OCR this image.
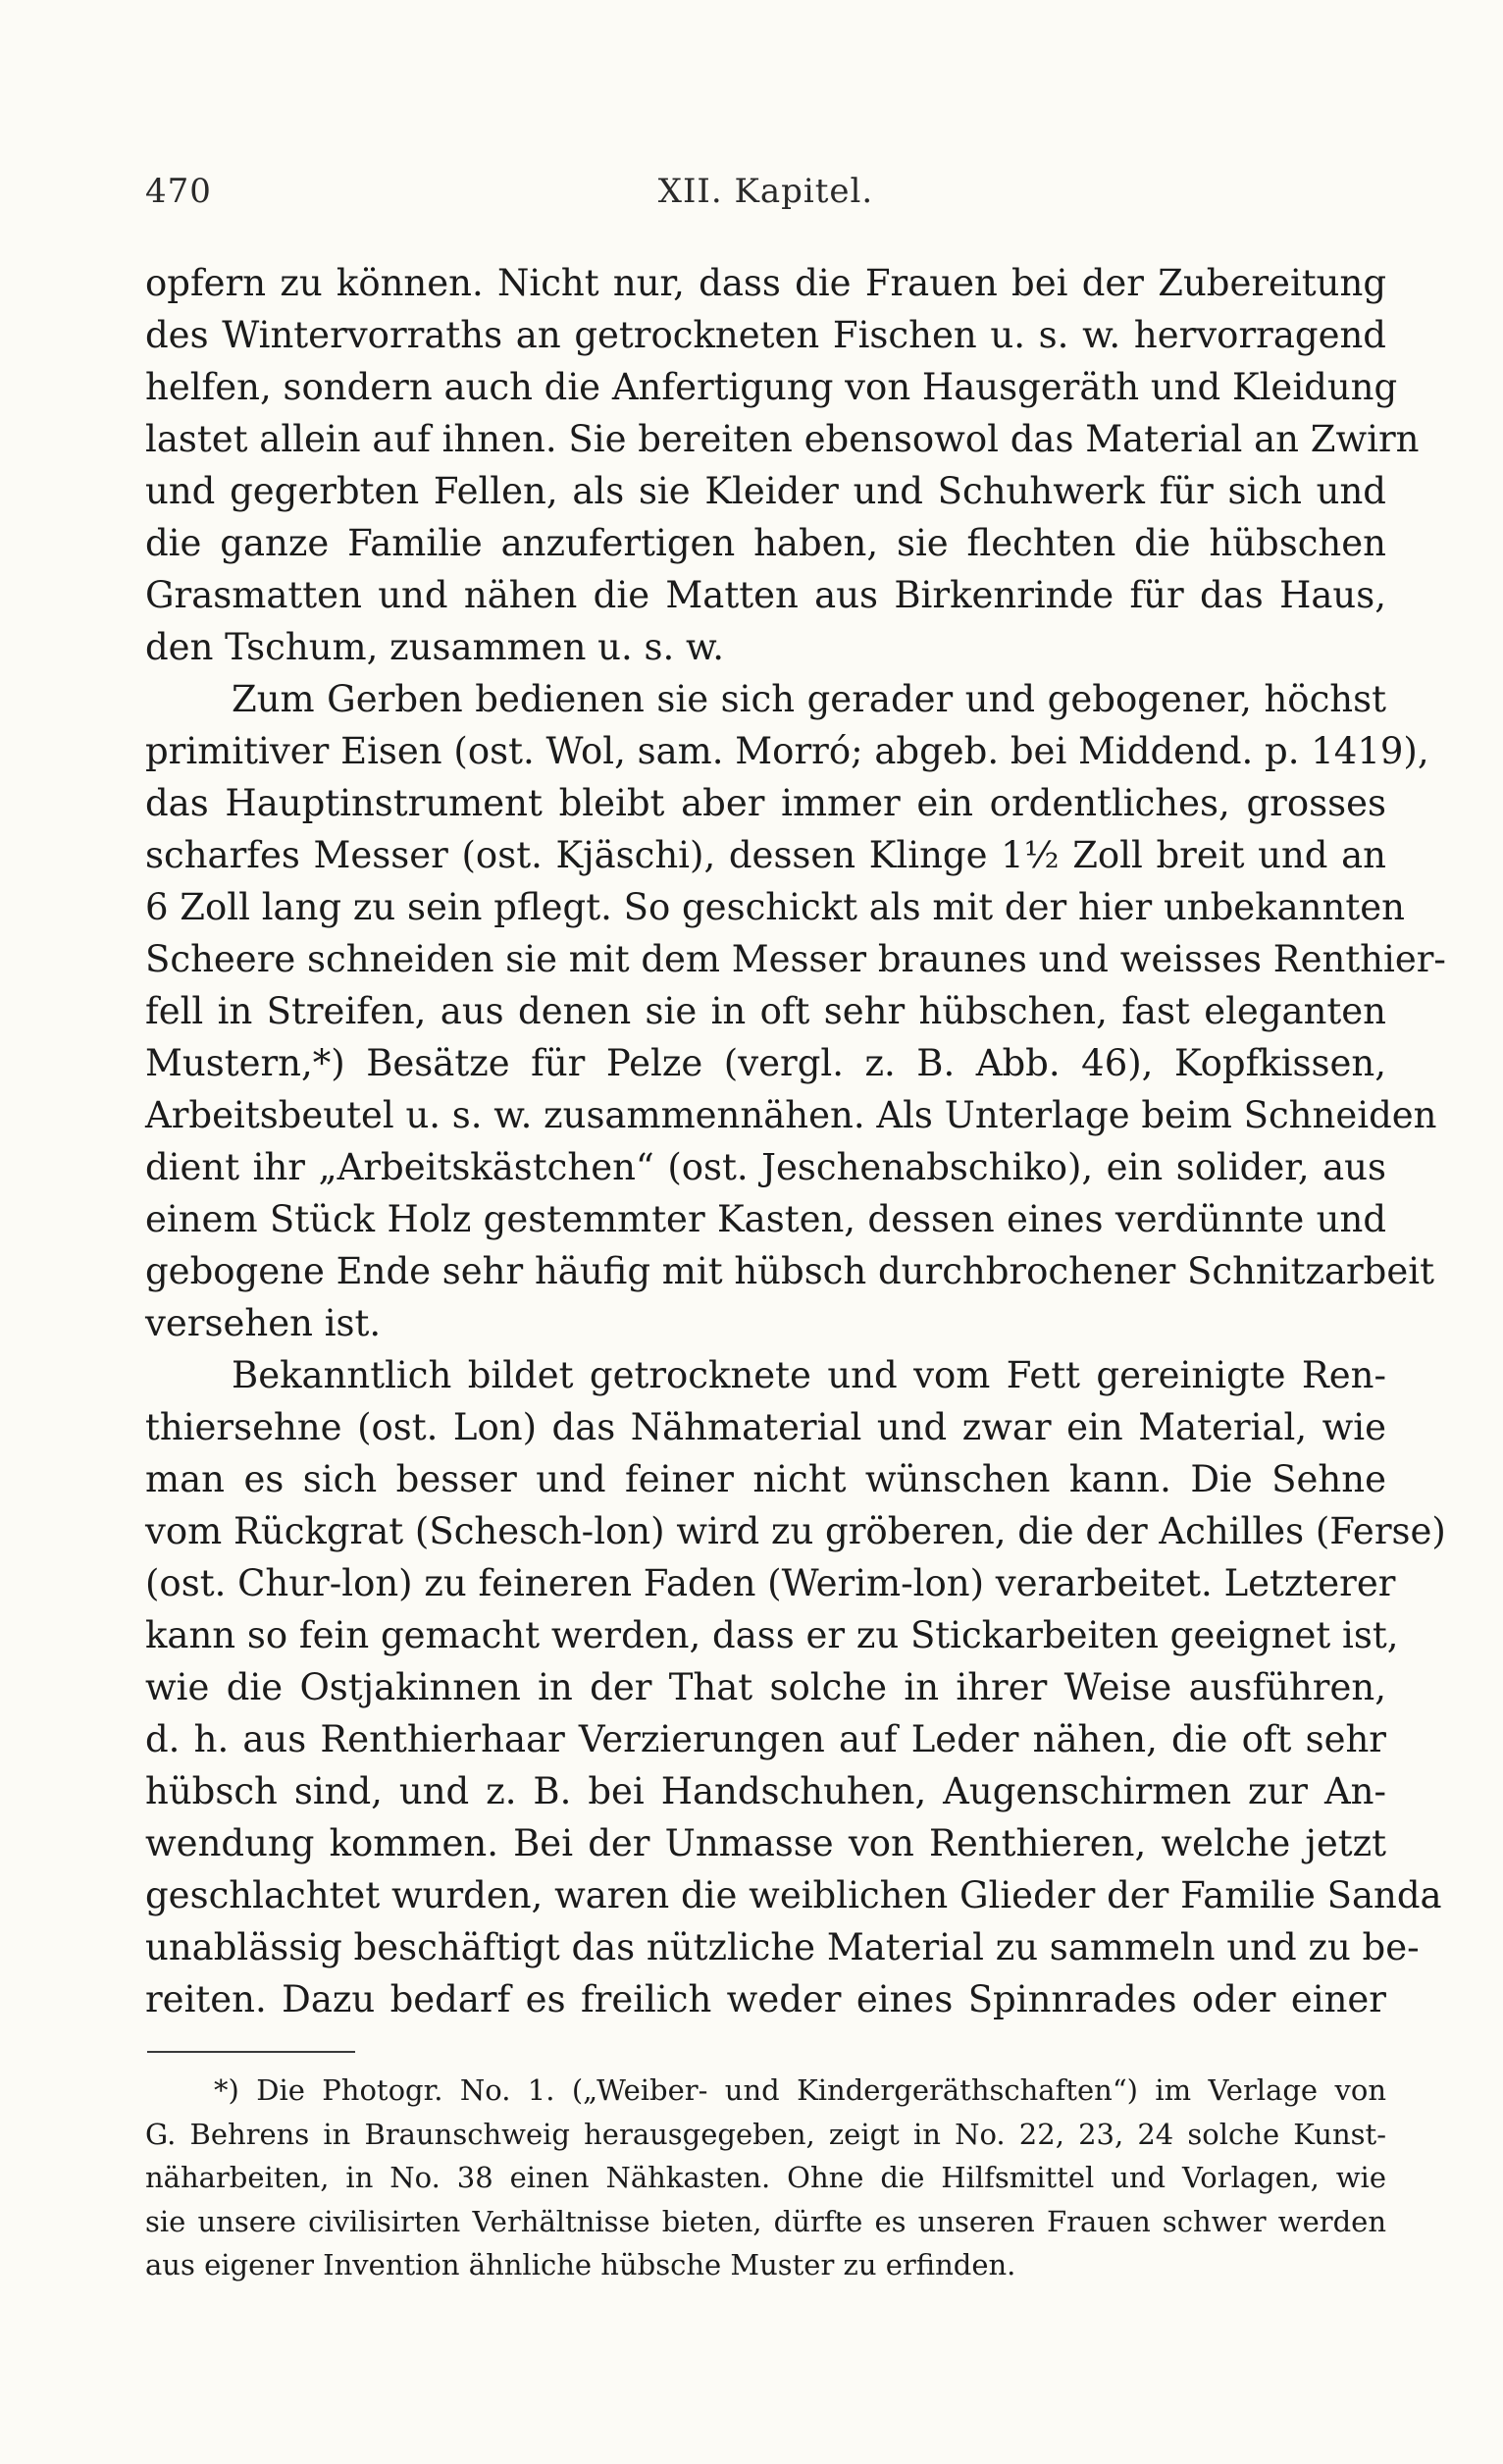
470	XII. Kapitel.
opfern zu können. Nicht nur, dass die Frauen bei der Zubereitung
des Wintervorraths an getrockneten Fischen u. s. w. hervorragend
helfen, sondern auch die Anfertigung von Hausgeräth und Kleidung
lastet allein auf ihnen. Sie bereiten ebensowol das Material an Zwirn
und gegerbten Fellen, als sie Kleider und Schuhwerk für sich und
die ganze Familie anzufertigen haben, sie flechten die hübschen
Grasmatten und nähen die Matten aus Birkenrinde für das Haus,
den Tschum, zusammen u. s. w.
Zum Gerben bedienen sie sich gerader und gebogener, höchst
primitiver Eisen (ost. Wol, sam. Morró; abgeb. bei Middend. p. 1419),
das Hauptinstrument bleibt aber immer ein ordentliches, grosses
scharfes Messer (ost. Kjäschi), dessen Klinge 1½ Zoll breit und an
6 Zoll lang zu sein pflegt. So geschickt als mit der hier unbekannten
Scheere schneiden sie mit dem Messer braunes und weisses Renthier-
fell in Streifen, aus denen sie in oft sehr hübschen, fast eleganten
Mustern,*) Besätze für Pelze (vergl. z. B. Abb. 46), Kopfkissen,
Arbeitsbeutel u. s. w. zusammennähen. Als Unterlage beim Schneiden
dient ihr „Arbeitskästchen“ (ost. Jeschenabschiko), ein solider, aus
einem Stück Holz gestemmter Kasten, dessen eines verdünnte und
gebogene Ende sehr häufig mit hübsch durchbrochener Schnitzarbeit
versehen ist.
Bekanntlich bildet getrocknete und vom Fett gereinigte Ren-
thiersehne (ost. Lon) das Nähmaterial und zwar ein Material, wie
man es sich besser und feiner nicht wünschen kann. Die Sehne
vom Rückgrat (Schesch-lon) wird zu gröberen, die der Achilles (Ferse)
(ost. Chur-lon) zu feineren Faden (Werim-lon) verarbeitet. Letzterer
kann so fein gemacht werden, dass er zu Stickarbeiten geeignet ist,
wie die Ostjakinnen in der That solche in ihrer Weise ausführen,
d. h. aus Renthierhaar Verzierungen auf Leder nähen, die oft sehr
hübsch sind, und z. B. bei Handschuhen, Augenschirmen zur An-
wendung kommen. Bei der Unmasse von Renthieren, welche jetzt
geschlachtet wurden, waren die weiblichen Glieder der Familie Sanda
unablässig beschäftigt das nützliche Material zu sammeln und zu be-
reiten. Dazu bedarf es freilich weder eines Spinnrades oder einer
*) Die Photogr. No. 1. („Weiber- und Kindergeräthschaften“) im Verlage von
G. Behrens in Braunschweig herausgegeben, zeigt in No. 22, 23, 24 solche Kunst-
näharbeiten, in No. 38 einen Nähkasten. Ohne die Hilfsmittel und Vorlagen, wie
sie unsere civilisirten Verhältnisse bieten, dürfte es unseren Frauen schwer werden
aus eigener Invention ähnliche hübsche Muster zu erfinden.
